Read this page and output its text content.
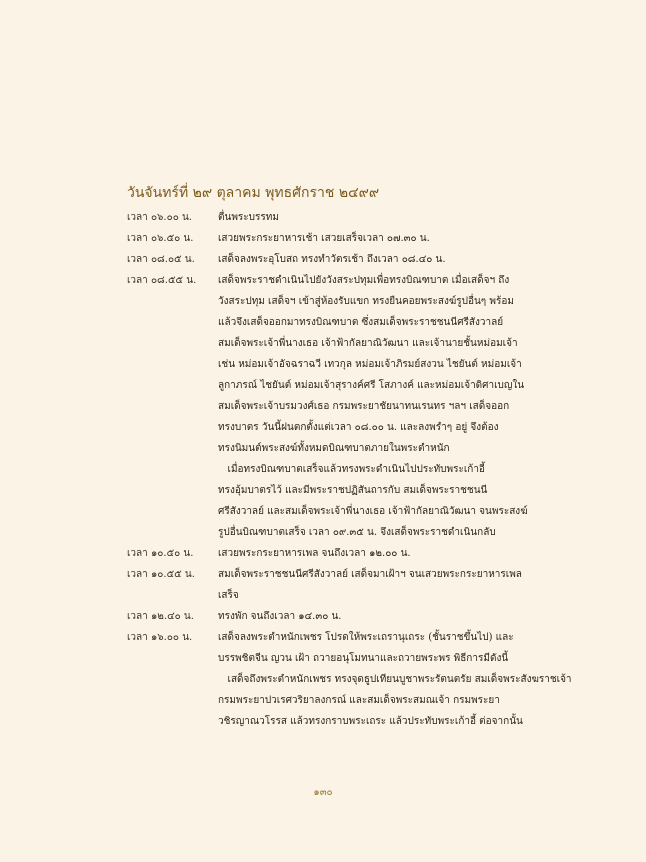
วันจันทร์ที่ ๒๙ ตุลาคม พุทธศักราช ๒๔๙๙
เวลา ๐๖.๐๐ น.	ตื่นพระบรรทม

เวลา ๐๖.๕๐ น. เสวยพระกระยาหารเช้า เสวยเสร็จเวลา ๐๗.๓๐ น.

เวลา ๐๘.๐๕ น. เสด็จลงพระอุโบสถ ทรงทำวัตรเช้า ถึงเวลา ๐๘.๔๐ น.

เวลา ๐๘.๕๕ น. เสด็จพระราชดำเนินไปยังวังสระปทุมเพื่อทรงบิณฑบาต เมื่อเสด็จฯ ถึง

วังสระปทุม เสด็จฯ เข้าสู่ห้องรับแขก ทรงยืนคอยพระสงฆ์รูปอื่นๆ พร้อม

แล้วจึงเสด็จออกมาทรงบิณฑบาต ซึ่งสมเด็จพระราชชนนีศรีสังวาลย์

สมเด็จพระเจ้าพี่นางเธอ เจ้าฟ้ากัลยาณิวัฒนา และเจ้านายชั้นหม่อมเจ้า

เช่น หม่อมเจ้าอัจฉราฉวี เทวกุล หม่อมเจ้าภิรมย์สงวน ไชยันต์ หม่อมเจ้า

ลูกาภรณ์ ไชยันต์ หม่อมเจ้าสุรางค์ศรี โสภางค์ และหม่อมเจ้าดิศาเบญใน

สมเด็จพระเจ้าบรมวงศ์เธอ กรมพระยาชัยนาทนเรนทร ฯลฯ เสด็จออก

ทรงบาตร วันนี้ฝนตกตั้งแต่เวลา ๐๘.๐๐ น. และลงพรำๆ อยู่ จึงต้อง

ทรงนิมนต์พระสงฆ์ทั้งหมดบิณฑบาตภายในพระตำหนัก

เมื่อทรงบิณฑบาตเสร็จแล้วทรงพระดำเนินไปประทับพระเก้าอี้

ทรงอุ้มบาตรไว้ และมีพระราชปฏิสันถารกับ สมเด็จพระราชชนนี

ศรีสังวาลย์ และสมเด็จพระเจ้าพี่นางเธอ เจ้าฟ้ากัลยาณิวัฒนา จนพระสงฆ์

รูปอื่นบิณฑบาตเสร็จ เวลา ๐๙.๓๕ น. จึงเสด็จพระราชดำเนินกลับ

เวลา ๑๐.๕๐ น. เสวยพระกระยาหารเพล จนถึงเวลา ๑๒.๐๐ น.

เวลา ๑๐.๕๕ น. สมเด็จพระราชชนนีศรีสังวาลย์ เสด็จมาเฝ้าฯ จนเสวยพระกระยาหารเพล

เสร็จ

เวลา ๑๒.๔๐ น. ทรงพัก จนถึงเวลา ๑๔.๓๐ น.

เวลา ๑๖.๐๐ น.	เสด็จลงพระตำหนักเพชร โปรดให้พระเถรานุเถระ (ชั้นราชขึ้นไป) และ

บรรพชิตจีน ญวน เฝ้า ถวายอนุโมทนาและถวายพระพร พิธีการมีดังนี้

เสด็จถึงพระตำหนักเพชร ทรงจุดธูปเทียนบูชาพระรัตนตรัย สมเด็จพระสังฆราชเจ้า

กรมพระยาปวเรศวริยาลงกรณ์ และสมเด็จพระสมณเจ้า กรมพระยา

วชิรญาณวโรรส แล้วทรงกราบพระเถระ แล้วประทับพระเก้าอี้ ต่อจากนั้น

๑๓๐
